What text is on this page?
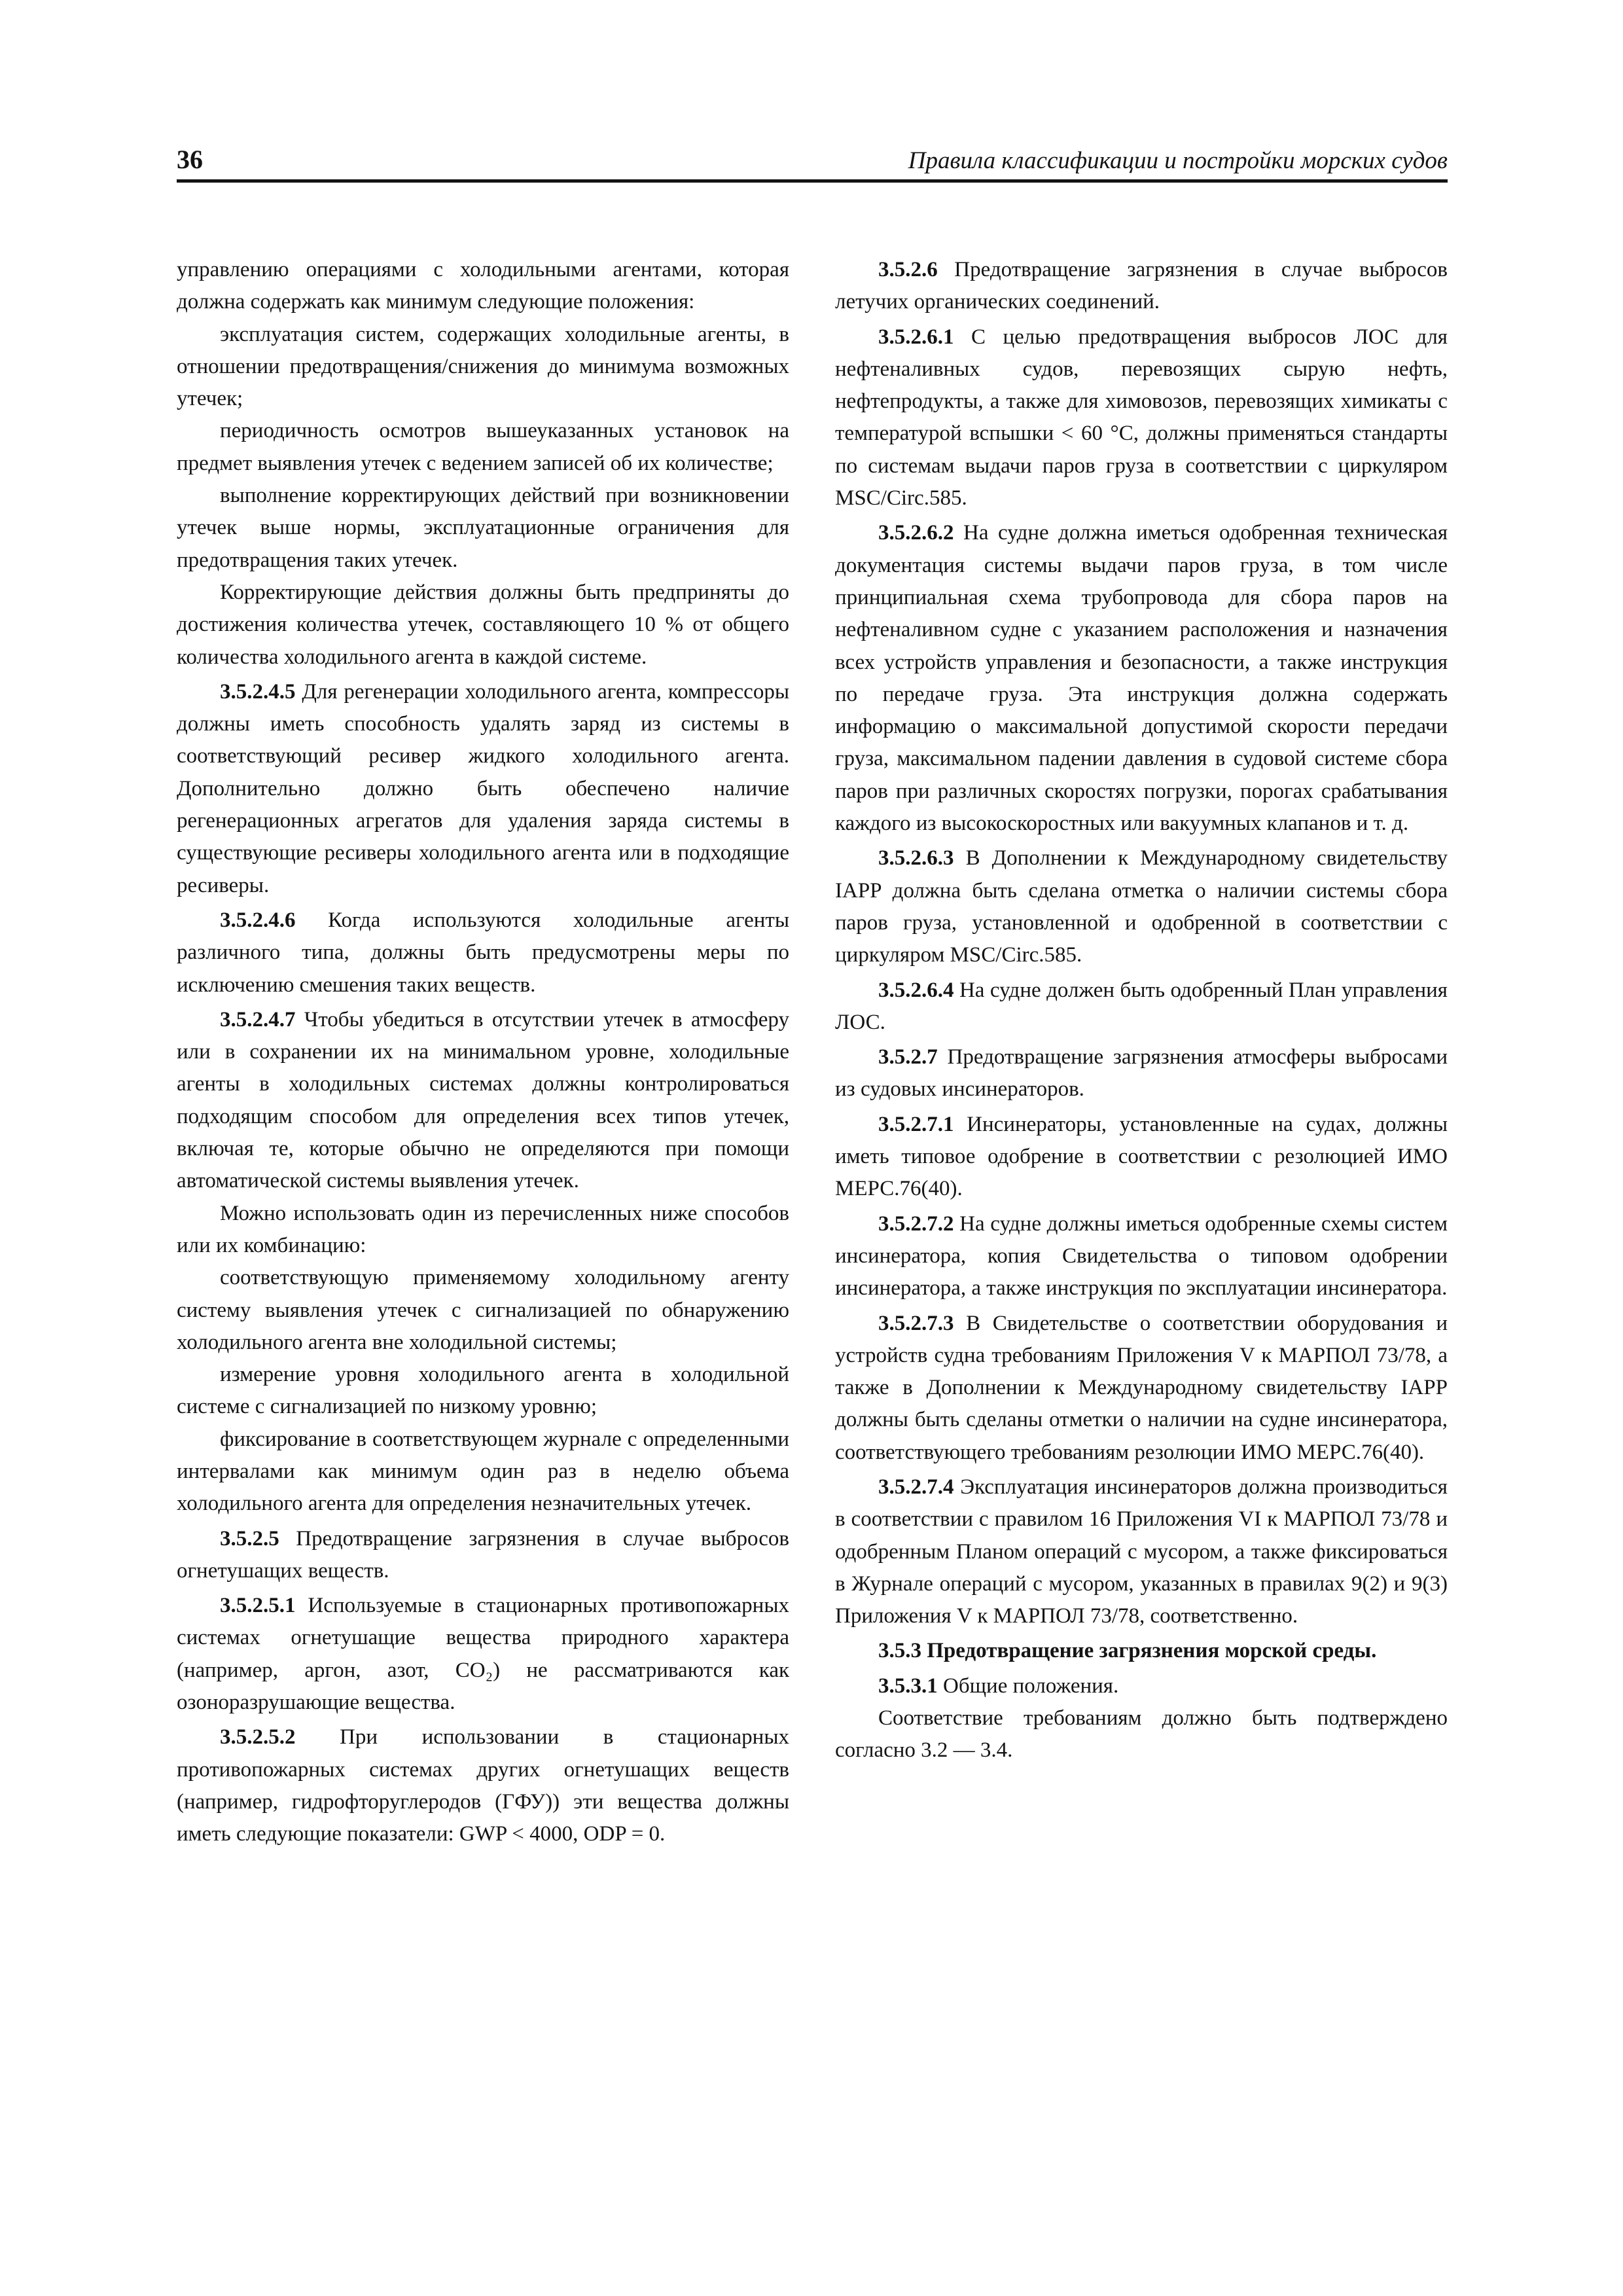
36	Правила классификации и постройки морских судов

управлению операциями с холодильными агентами, которая должна содержать как минимум следующие положения:

эксплуатация систем, содержащих холодильные агенты, в отношении предотвращения/снижения до минимума возможных утечек;

периодичность осмотров вышеуказанных установок на предмет выявления утечек с ведением записей об их количестве;

выполнение корректирующих действий при возникновении утечек выше нормы, эксплуатационные ограничения для предотвращения таких утечек.

Корректирующие действия должны быть предприняты до достижения количества утечек, составляющего 10 % от общего количества холодильного агента в каждой системе.

3.5.2.4.5 Для регенерации холодильного агента, компрессоры должны иметь способность удалять заряд из системы в соответствующий ресивер жидкого холодильного агента. Дополнительно должно быть обеспечено наличие регенерационных агрегатов для удаления заряда системы в существующие ресиверы холодильного агента или в подходящие ресиверы.

3.5.2.4.6 Когда используются холодильные агенты различного типа, должны быть предусмотрены меры по исключению смешения таких веществ.

3.5.2.4.7 Чтобы убедиться в отсутствии утечек в атмосферу или в сохранении их на минимальном уровне, холодильные агенты в холодильных системах должны контролироваться подходящим способом для определения всех типов утечек, включая те, которые обычно не определяются при помощи автоматической системы выявления утечек.

Можно использовать один из перечисленных ниже способов или их комбинацию:

соответствующую применяемому холодильному агенту систему выявления утечек с сигнализацией по обнаружению холодильного агента вне холодильной системы;

измерение уровня холодильного агента в холодильной системе с сигнализацией по низкому уровню;

фиксирование в соответствующем журнале с определенными интервалами как минимум один раз в неделю объема холодильного агента для определения незначительных утечек.

3.5.2.5 Предотвращение загрязнения в случае выбросов огнетушащих веществ.

3.5.2.5.1 Используемые в стационарных противопожарных системах огнетушащие вещества природного характера (например, аргон, азот, CO₂) не рассматриваются как озоноразрушающие вещества.

3.5.2.5.2 При использовании в стационарных противопожарных системах других огнетушащих веществ (например, гидрофторуглеродов (ГФУ)) эти вещества должны иметь следующие показатели: GWP < 4000, ODP = 0.

3.5.2.6 Предотвращение загрязнения в случае выбросов летучих органических соединений.

3.5.2.6.1 С целью предотвращения выбросов ЛОС для нефтеналивных судов, перевозящих сырую нефть, нефтепродукты, а также для химовозов, перевозящих химикаты с температурой вспышки < 60 °C, должны применяться стандарты по системам выдачи паров груза в соответствии с циркуляром MSC/Circ.585.

3.5.2.6.2 На судне должна иметься одобренная техническая документация системы выдачи паров груза, в том числе принципиальная схема трубопровода для сбора паров на нефтеналивном судне с указанием расположения и назначения всех устройств управления и безопасности, а также инструкция по передаче груза. Эта инструкция должна содержать информацию о максимальной допустимой скорости передачи груза, максимальном падении давления в судовой системе сбора паров при различных скоростях погрузки, порогах срабатывания каждого из высокоскоростных или вакуумных клапанов и т. д.

3.5.2.6.3 В Дополнении к Международному свидетельству IAPP должна быть сделана отметка о наличии системы сбора паров груза, установленной и одобренной в соответствии с циркуляром MSC/Circ.585.

3.5.2.6.4 На судне должен быть одобренный План управления ЛОС.

3.5.2.7 Предотвращение загрязнения атмосферы выбросами из судовых инсинераторов.

3.5.2.7.1 Инсинераторы, установленные на судах, должны иметь типовое одобрение в соответствии с резолюцией ИМО МЕРС.76(40).

3.5.2.7.2 На судне должны иметься одобренные схемы систем инсинератора, копия Свидетельства о типовом одобрении инсинератора, а также инструкция по эксплуатации инсинератора.

3.5.2.7.3 В Свидетельстве о соответствии оборудования и устройств судна требованиям Приложения V к МАРПОЛ 73/78, а также в Дополнении к Международному свидетельству IAPP должны быть сделаны отметки о наличии на судне инсинератора, соответствующего требованиям резолюции ИМО МЕРС.76(40).

3.5.2.7.4 Эксплуатация инсинераторов должна производиться в соответствии с правилом 16 Приложения VI к МАРПОЛ 73/78 и одобренным Планом операций с мусором, а также фиксироваться в Журнале операций с мусором, указанных в правилах 9(2) и 9(3) Приложения V к МАРПОЛ 73/78, соответственно.

3.5.3 Предотвращение загрязнения морской среды.

3.5.3.1 Общие положения.

Соответствие требованиям должно быть подтверждено согласно 3.2 — 3.4.
